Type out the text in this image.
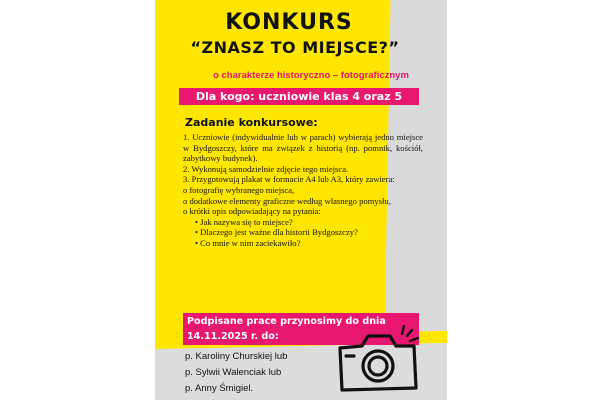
KONKURS
“ZNASZ TO MIEJSCE?”
o charakterze historyczno – fotograficznym
Dla kogo: uczniowie klas 4 oraz 5
Zadanie konkursowe:

1. Uczniowie (indywidualnie lub w parach) wybierają jedno miejsce w Bydgoszczy, które ma związek z historią (np. pomnik, kościół, zabytkowy budynek).

2. Wykonują samodzielnie zdjęcie tego miejsca.

3. Przygotowują plakat w formacie A4 lub A3, który zawiera:

o fotografię wybranego miejsca,

o dodatkowe elementy graficzne według własnego pomysłu,

o krótki opis odpowiadający na pytania:

• Jak nazywa się to miejsce?

• Dlaczego jest ważne dla historii Bydgoszczy?

• Co mnie w nim zaciekawiło?

Podpisane prace przynosimy do dnia
14.11.2025 r. do:
p. Karoliny Churskiej lub
p. Sylwii Walenciak lub
p. Anny Śmigiel.
